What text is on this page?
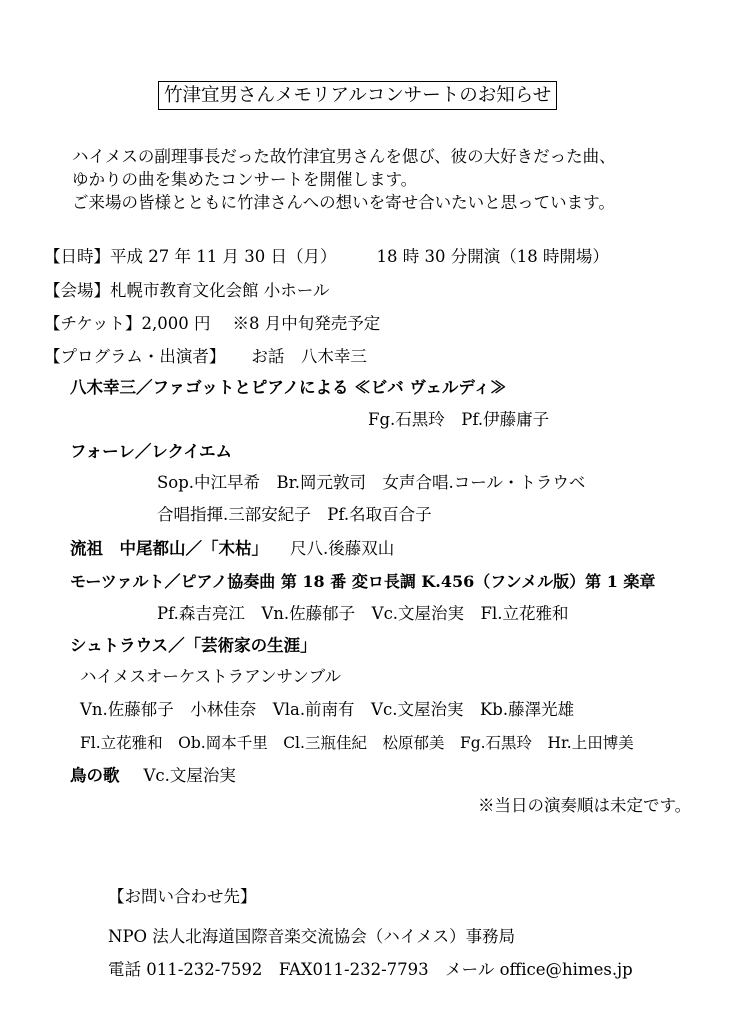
竹津宜男さんメモリアルコンサートのお知らせ
ハイメスの副理事長だった故竹津宜男さんを偲び、彼の大好きだった曲、
ゆかりの曲を集めたコンサートを開催します。
ご来場の皆様とともに竹津さんへの想いを寄せ合いたいと思っています。
【日時】平成 27 年 11 月 30 日（月） 18 時 30 分開演（18 時開場）
【会場】札幌市教育文化会館 小ホール
【チケット】2,000 円 ※8 月中旬発売予定
【プログラム・出演者】 お話　八木幸三
八木幸三／ファゴットとピアノによる ≪ビバ ヴェルディ≫
Fg.石黒玲　Pf.伊藤庸子
フォーレ／レクイエム
Sop.中江早希　Br.岡元敦司　女声合唱.コール・トラウベ
合唱指揮.三部安紀子　Pf.名取百合子
流祖　中尾都山／「木枯」 尺八.後藤双山
モーツァルト／ピアノ協奏曲 第 18 番 変ロ長調 K.456（フンメル版）第 1 楽章
Pf.森吉亮江　Vn.佐藤郁子　Vc.文屋治実　Fl.立花雅和
シュトラウス／「芸術家の生涯」
ハイメスオーケストラアンサンブル
Vn.佐藤郁子　小林佳奈　Vla.前南有　Vc.文屋治実　Kb.藤澤光雄
Fl.立花雅和　Ob.岡本千里　Cl.三瓶佳紀　松原郁美　Fg.石黒玲　Hr.上田博美
鳥の歌 Vc.文屋治実
※当日の演奏順は未定です。
【お問い合わせ先】
NPO 法人北海道国際音楽交流協会（ハイメス）事務局
電話 011-232-7592　FAX011-232-7793　メール office@himes.jp
